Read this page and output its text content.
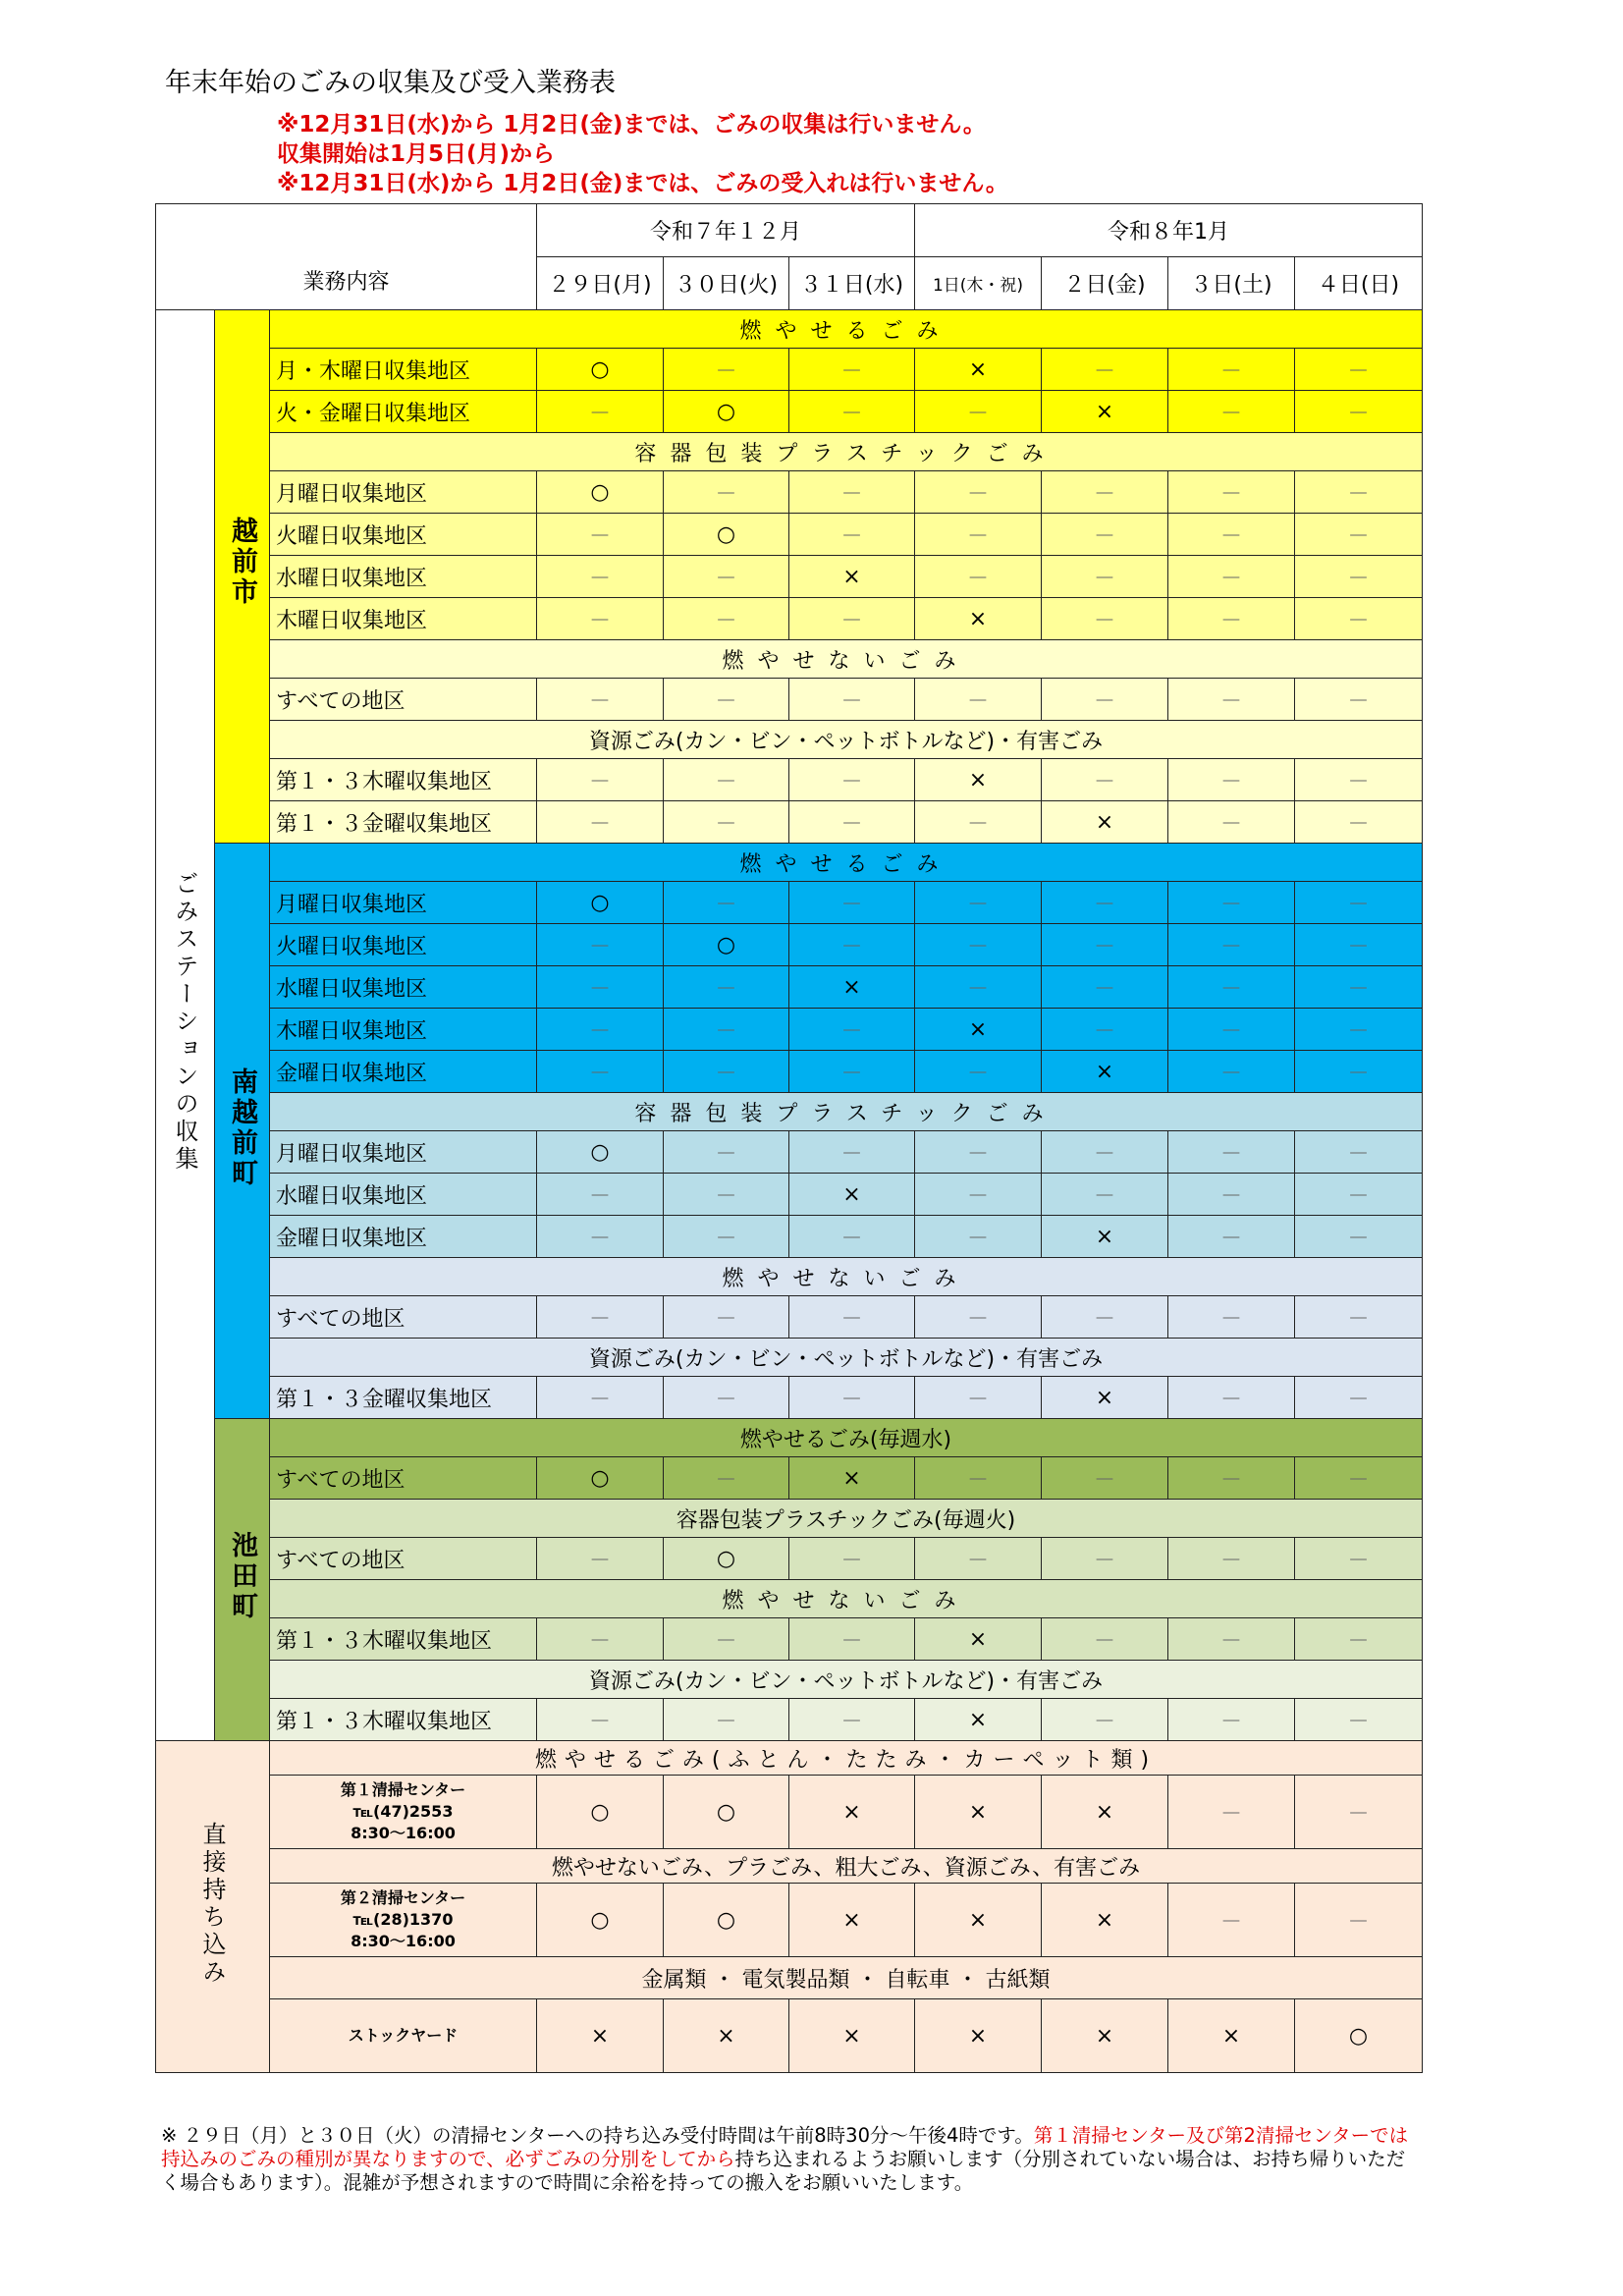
年末年始のごみの収集及び受入業務表
※12月31日(水)から 1月2日(金)までは、ごみの収集は行いません。
収集開始は1月5日(月)から
※12月31日(水)から 1月2日(金)までは、ごみの受入れは行いません。
業務内容			令和７年１２月			令和８年1月			
			２９日(月)	３０日(火)	３１日(水)	1日(木・祝)	２日(金)	３日(土)	４日(日)
ごみステーションの収集	越前市	燃やせるごみ							
		月・木曜日収集地区	○	－	－	×	－	－	－
		火・金曜日収集地区	－	○	－	－	×	－	－
		容器包装プラスチックごみ							
		月曜日収集地区	○	－	－	－	－	－	－
		火曜日収集地区	－	○	－	－	－	－	－
		水曜日収集地区	－	－	×	－	－	－	－
		木曜日収集地区	－	－	－	×	－	－	－
		燃やせないごみ							
		すべての地区	－	－	－	－	－	－	－
		資源ごみ(カン・ビン・ペットボトルなど)・有害ごみ							
		第１・３木曜収集地区	－	－	－	×	－	－	－
		第１・３金曜収集地区	－	－	－	－	×	－	－
	南越前町	燃やせるごみ							
		月曜日収集地区	○	－	－	－	－	－	－
		火曜日収集地区	－	○	－	－	－	－	－
		水曜日収集地区	－	－	×	－	－	－	－
		木曜日収集地区	－	－	－	×	－	－	－
		金曜日収集地区	－	－	－	－	×	－	－
		容器包装プラスチックごみ							
		月曜日収集地区	○	－	－	－	－	－	－
		水曜日収集地区	－	－	×	－	－	－	－
		金曜日収集地区	－	－	－	－	×	－	－
		燃やせないごみ							
		すべての地区	－	－	－	－	－	－	－
		資源ごみ(カン・ビン・ペットボトルなど)・有害ごみ							
		第１・３金曜収集地区	－	－	－	－	×	－	－
	池田町	燃やせるごみ(毎週水)							
		すべての地区	○	－	×	－	－	－	－
		容器包装プラスチックごみ(毎週火)							
		すべての地区	－	○	－	－	－	－	－
		燃やせないごみ							
		第１・３木曜収集地区	－	－	－	×	－	－	－
		資源ごみ(カン・ビン・ペットボトルなど)・有害ごみ							
		第１・３木曜収集地区	－	－	－	×	－	－	－
直接持ち込み		燃やせるごみ(ふとん・たたみ・カーペット類)							

		第１清掃センター
℡(47)2553
8:30～16:00	○	○	×	×	×	－	－
		燃やせないごみ、プラごみ、粗大ごみ、資源ごみ、有害ごみ							

		第２清掃センター
℡(28)1370
8:30～16:00	○	○	×	×	×	－	－
		金属類 ・ 電気製品類 ・ 自転車 ・ 古紙類							

		ストックヤード	×	×	×	×	×	×	○
※ ２９日（月）と３０日（火）の清掃センターへの持ち込み受付時間は午前8時30分～午後4時です。第１清掃センター及び第2清掃センターでは持込みのごみの種別が異なりますので、必ずごみの分別をしてから持ち込まれるようお願いします（分別されていない場合は、お持ち帰りいただく場合もあります）。混雑が予想されますので時間に余裕を持っての搬入をお願いいたします。
